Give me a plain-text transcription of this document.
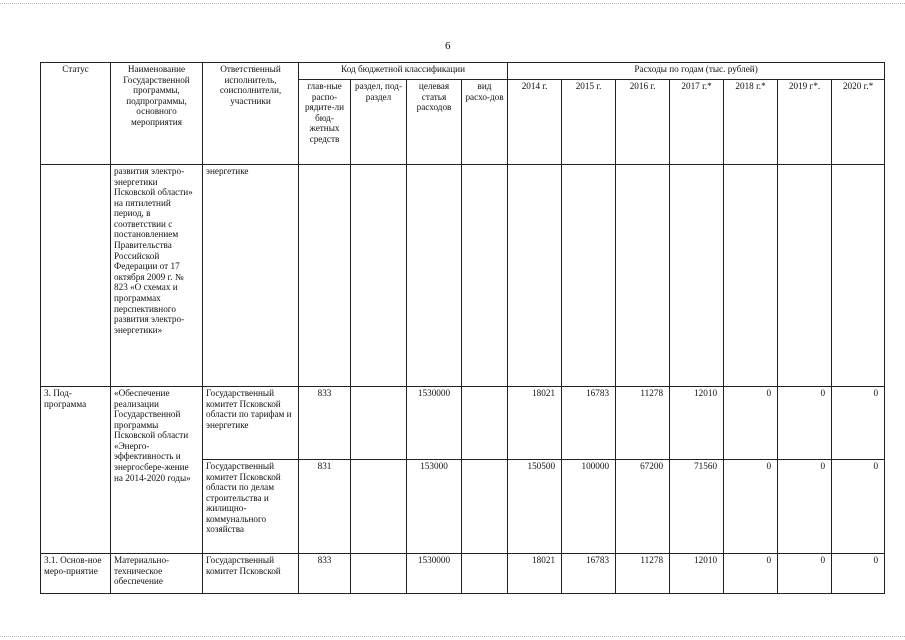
6
Статус	Наименование Государственной программы, подпрограммы, основного мероприятия	Ответственный исполнитель, соисполнители, участники	Код бюджетной классификации				Расходы по годам (тыс. рублей)						
			глав-ные распо-рядите-ли бюд-жетных средств	раздел, под-раздел	целевая статья расходов	вид расхо-дов	2014 г.	2015 г.	2016 г.	2017 г.*	2018 г.*	2019 г*.	2020 г.*
	развития электро-энергетики Псковской области» на пятилетний период, в соответствии с постановлением Правительства Российской Федерации от 17 октября 2009 г. № 823 «О схемах и программах перспективного развития электро-энергетики»	энергетике											
3. Под-программа	«Обеспечение реализации Государственной программы Псковской области «Энерго-эффективность и энергосбере-жение на 2014-2020 годы»	Государственный комитет Псковской области по тарифам и энергетике	833		1530000		18021	16783	11278	12010	0	0	0
		Государственный комитет Псковской области по делам строительства и жилищно-коммунального хозяйства	831		153000		150500	100000	67200	71560	0	0	0
3.1. Основ-ное меро-приятие	Материально-техническое обеспечение	Государственный комитет Псковской	833		1530000		18021	16783	11278	12010	0	0	0
